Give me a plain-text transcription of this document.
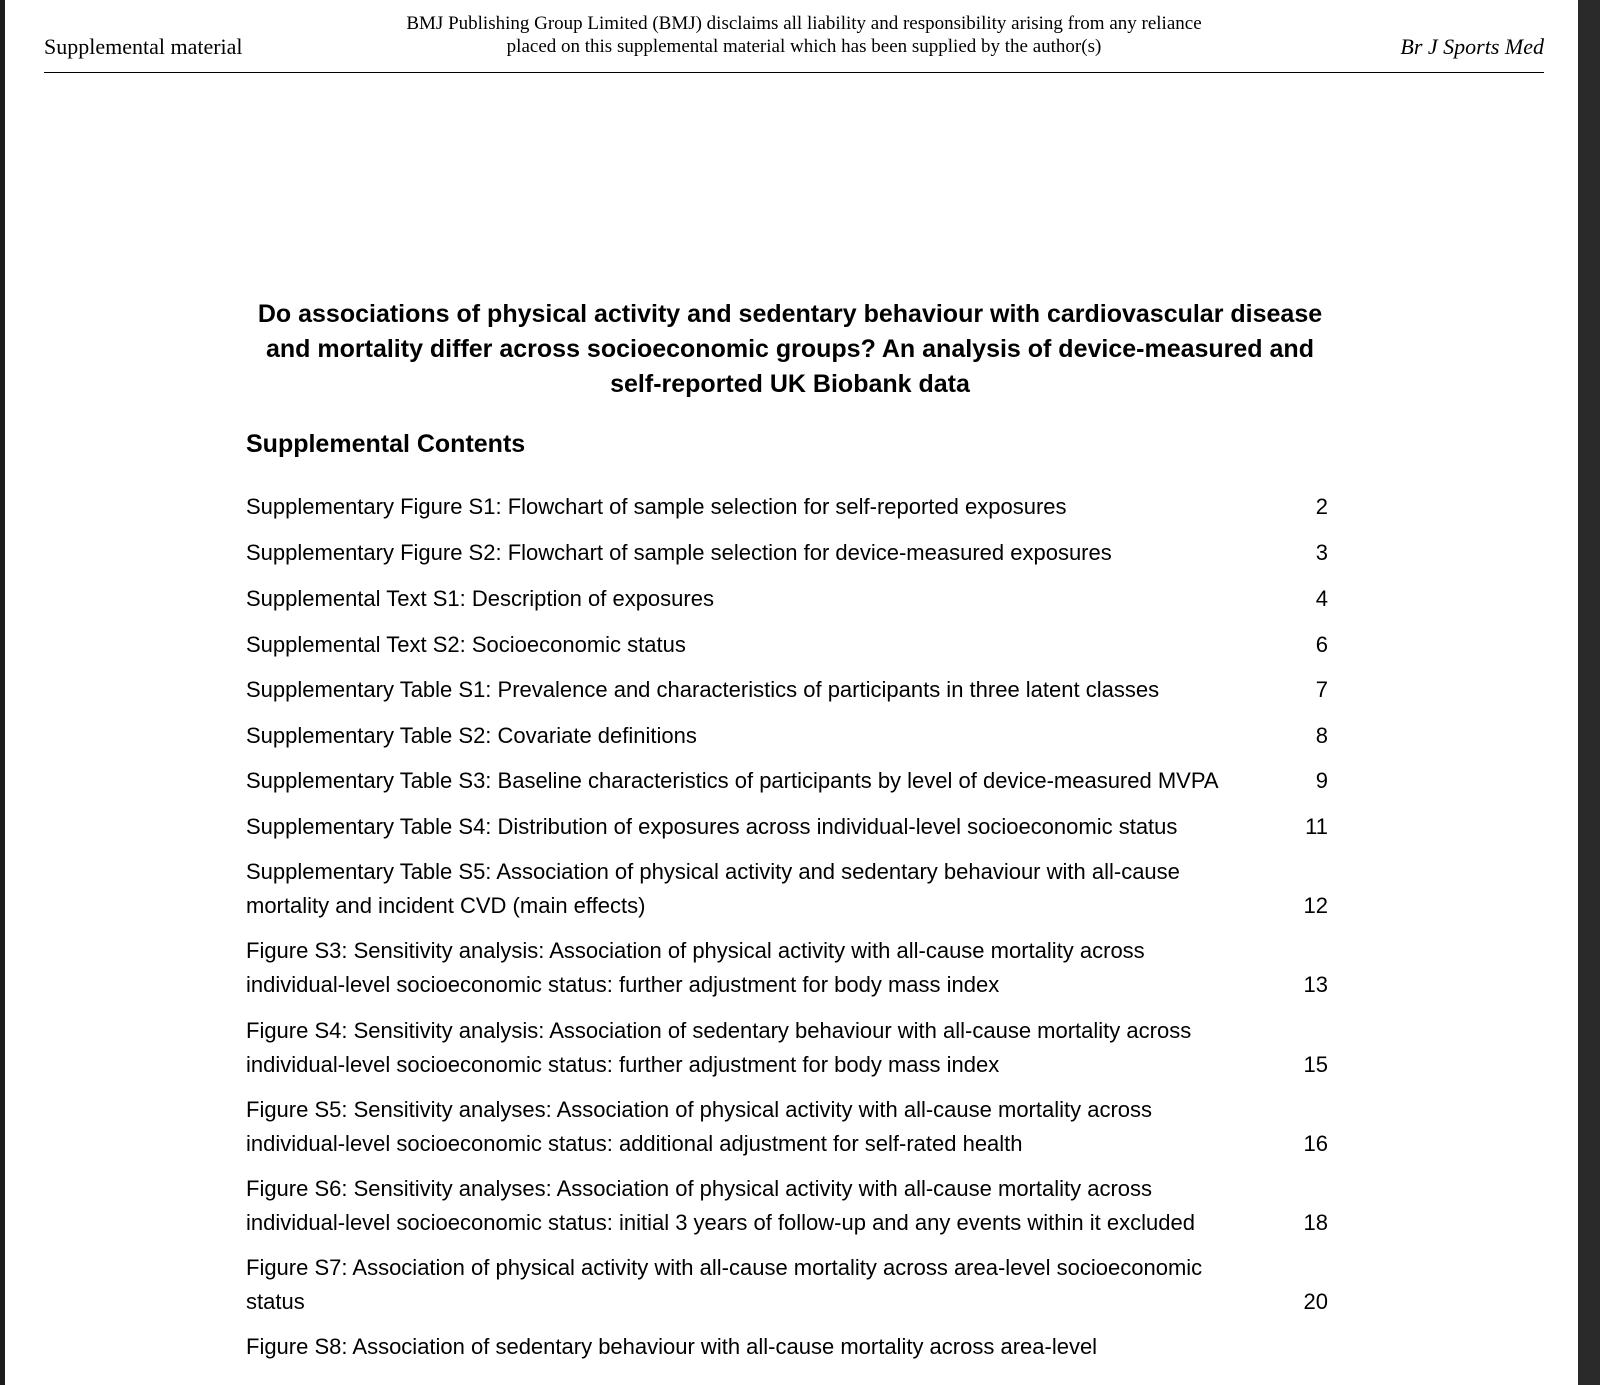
Supplemental material
BMJ Publishing Group Limited (BMJ) disclaims all liability and responsibility arising from any reliance
placed on this supplemental material which has been supplied by the author(s)	Br J Sports Med
Do associations of physical activity and sedentary behaviour with cardiovascular disease
and mortality differ across socioeconomic groups? An analysis of device-measured and
self-reported UK Biobank data
Supplemental Contents
Supplementary Figure S1: Flowchart of sample selection for self-reported exposures	2
Supplementary Figure S2: Flowchart of sample selection for device-measured exposures	3
Supplemental Text S1: Description of exposures	4
Supplemental Text S2: Socioeconomic status	6
Supplementary Table S1: Prevalence and characteristics of participants in three latent classes	7
Supplementary Table S2: Covariate definitions	8
Supplementary Table S3: Baseline characteristics of participants by level of device-measured MVPA	9
Supplementary Table S4: Distribution of exposures across individual-level socioeconomic status	11
Supplementary Table S5: Association of physical activity and sedentary behaviour with all-cause
mortality and incident CVD (main effects)	12
Figure S3: Sensitivity analysis: Association of physical activity with all-cause mortality across
individual-level socioeconomic status: further adjustment for body mass index	13
Figure S4: Sensitivity analysis: Association of sedentary behaviour with all-cause mortality across
individual-level socioeconomic status: further adjustment for body mass index	15
Figure S5: Sensitivity analyses: Association of physical activity with all-cause mortality across
individual-level socioeconomic status: additional adjustment for self-rated health	16
Figure S6: Sensitivity analyses: Association of physical activity with all-cause mortality across
individual-level socioeconomic status: initial 3 years of follow-up and any events within it excluded	18
Figure S7: Association of physical activity with all-cause mortality across area-level socioeconomic
status	20
Figure S8: Association of sedentary behaviour with all-cause mortality across area-level
